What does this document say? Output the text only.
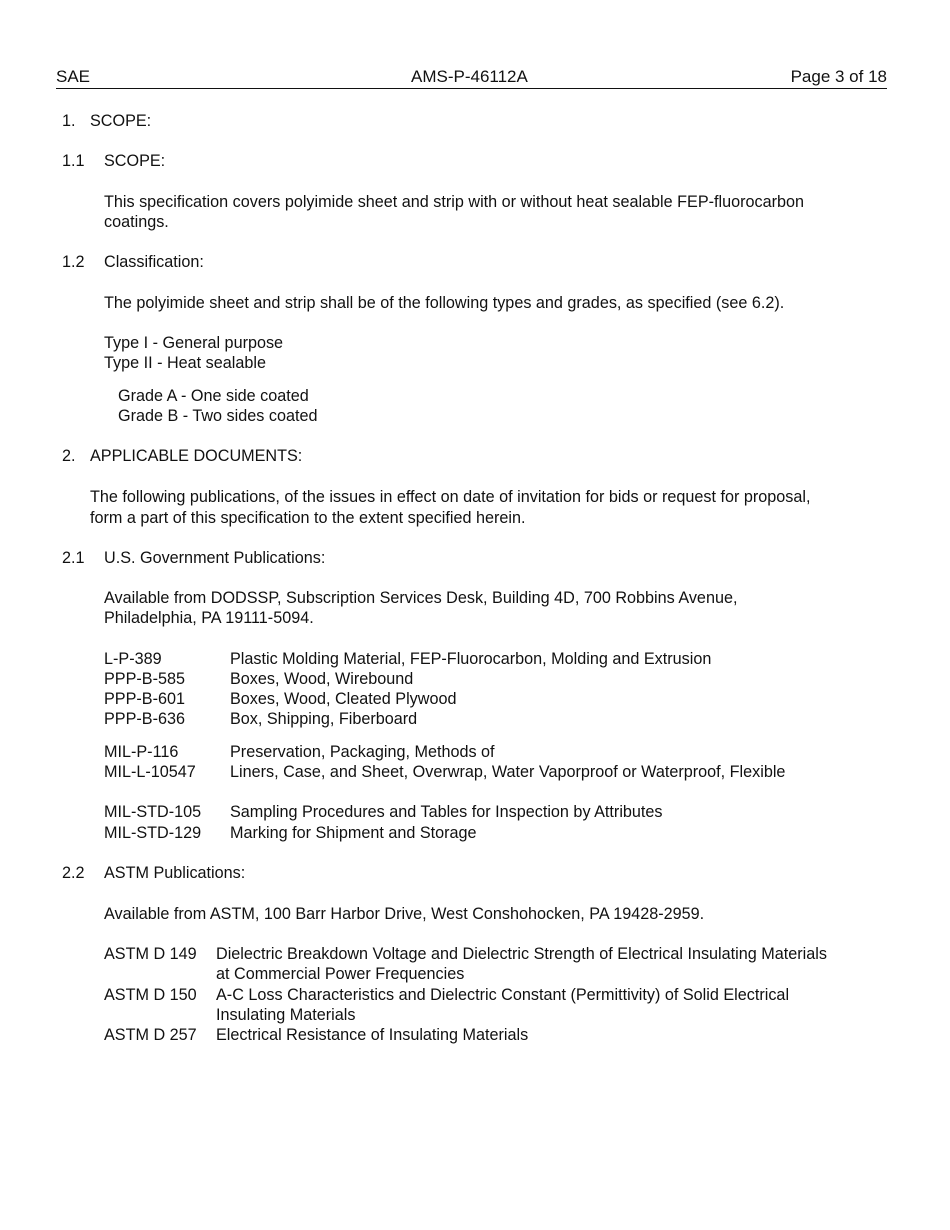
SAE	AMS-P-46112A	Page 3 of 18
1. SCOPE:
1.1 SCOPE:
This specification covers polyimide sheet and strip with or without heat sealable FEP-fluorocarbon
coatings.
1.2 Classification:
The polyimide sheet and strip shall be of the following types and grades, as specified (see 6.2).
Type I - General purpose
Type II - Heat sealable
Grade A - One side coated
Grade B - Two sides coated
2. APPLICABLE DOCUMENTS:
The following publications, of the issues in effect on date of invitation for bids or request for proposal,
form a part of this specification to the extent specified herein.
2.1 U.S. Government Publications:
Available from DODSSP, Subscription Services Desk, Building 4D, 700 Robbins Avenue,
Philadelphia, PA 19111-5094.
L-P-389	Plastic Molding Material, FEP-Fluorocarbon, Molding and Extrusion
PPP-B-585	Boxes, Wood, Wirebound
PPP-B-601	Boxes, Wood, Cleated Plywood
PPP-B-636	Box, Shipping, Fiberboard
MIL-P-116	Preservation, Packaging, Methods of
MIL-L-10547 Liners, Case, and Sheet, Overwrap, Water Vaporproof or Waterproof, Flexible
MIL-STD-105 Sampling Procedures and Tables for Inspection by Attributes
MIL-STD-129 Marking for Shipment and Storage
2.2 ASTM Publications:
Available from ASTM, 100 Barr Harbor Drive, West Conshohocken, PA 19428-2959.
ASTM D 149 Dielectric Breakdown Voltage and Dielectric Strength of Electrical Insulating Materials
at Commercial Power Frequencies
ASTM D 150 A-C Loss Characteristics and Dielectric Constant (Permittivity) of Solid Electrical
Insulating Materials
ASTM D 257 Electrical Resistance of Insulating Materials
